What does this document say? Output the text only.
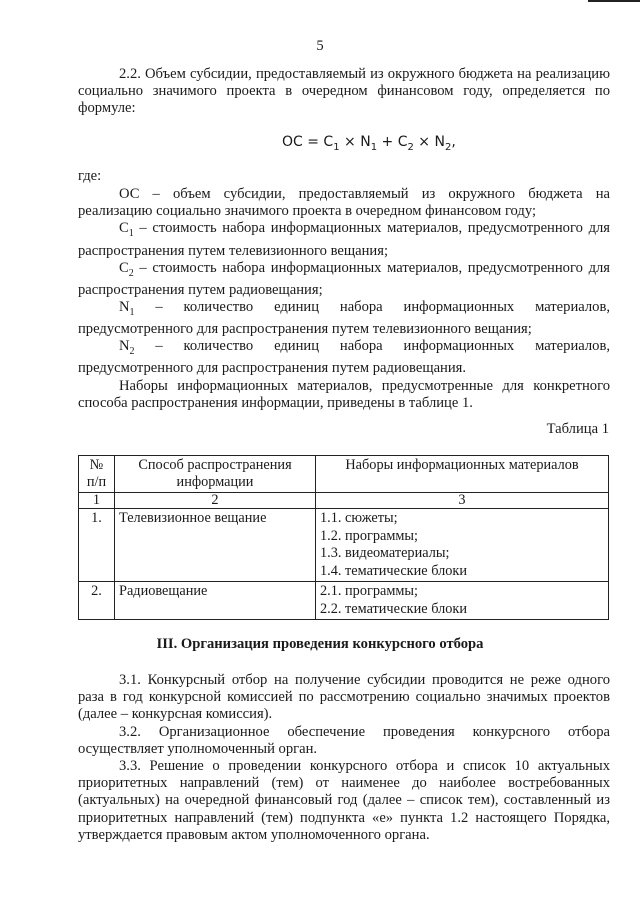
5
2.2. Объем субсидии, предоставляемый из окружного бюджета на реализацию социально значимого проекта в очередном финансовом году, определяется по формуле:
ОС = $C_1 \times N_1 + C_2 \times N_2$,
где:

ОС – объем субсидии, предоставляемый из окружного бюджета на реализацию социально значимого проекта в очередном финансовом году;

$C_1$ – стоимость набора информационных материалов, предусмотренного для распространения путем телевизионного вещания;

$C_2$ – стоимость набора информационных материалов, предусмотренного для распространения путем радиовещания;

$N_1$ – количество единиц набора информационных материалов, предусмотренного для распространения путем телевизионного вещания;

$N_2$ – количество единиц набора информационных материалов, предусмотренного для распространения путем радиовещания.

Наборы информационных материалов, предусмотренные для конкретного способа распространения информации, приведены в таблице 1.

Таблица 1
№ п/п	Способ распространения информации	Наборы информационных материалов
1	2	3
1.	Телевизионное вещание	1.1. сюжеты;
1.2. программы;
1.3. видеоматериалы;
1.4. тематические блоки

2.	Радиовещание	2.1. программы;
2.2. тематические блоки
III. Организация проведения конкурсного отбора

3.1. Конкурсный отбор на получение субсидии проводится не реже одного раза в год конкурсной комиссией по рассмотрению социально значимых проектов (далее – конкурсная комиссия).

3.2. Организационное обеспечение проведения конкурсного отбора осуществляет уполномоченный орган.

3.3. Решение о проведении конкурсного отбора и список 10 актуальных приоритетных направлений (тем) от наименее до наиболее востребованных (актуальных) на очередной финансовый год (далее – список тем), составленный из приоритетных направлений (тем) подпункта «е» пункта 1.2 настоящего Порядка, утверждается правовым актом уполномоченного органа.
